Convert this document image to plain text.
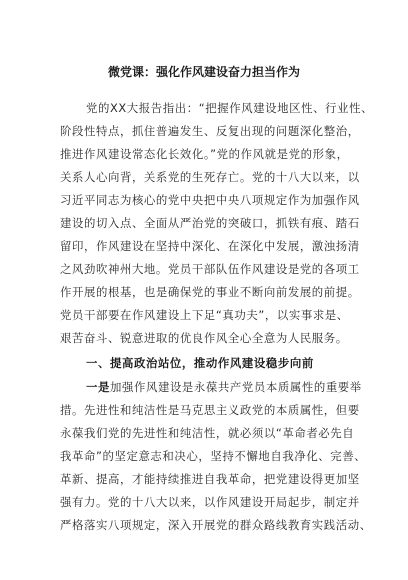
微党课：强化作风建设奋力担当作为
党的XX大报告指出：“把握作风建设地区性、行业性、
阶段性特点，抓住普遍发生、反复出现的问题深化整治，
推进作风建设常态化长效化。”党的作风就是党的形象，
关系人心向背，关系党的生死存亡。党的十八大以来，以
习近平同志为核心的党中央把中央八项规定作为加强作风
建设的切入点、全面从严治党的突破口，抓铁有痕、踏石
留印，作风建设在坚持中深化、在深化中发展，激浊扬清
之风劲吹神州大地。党员干部队伍作风建设是党的各项工
作开展的根基，也是确保党的事业不断向前发展的前提。
党员干部要在作风建设上下足“真功夫”，以实事求是、
艰苦奋斗、锐意进取的优良作风全心全意为人民服务。
一、提高政治站位，推动作风建设稳步向前
一是加强作风建设是永葆共产党员本质属性的重要举
措。先进性和纯洁性是马克思主义政党的本质属性，但要
永葆我们党的先进性和纯洁性，就必须以“革命者必先自
我革命”的坚定意志和决心，坚持不懈地自我净化、完善、
革新、提高，才能持续推进自我革命，把党建设得更加坚
强有力。党的十八大以来，以作风建设开局起步，制定并
严格落实八项规定，深入开展党的群众路线教育实践活动、
